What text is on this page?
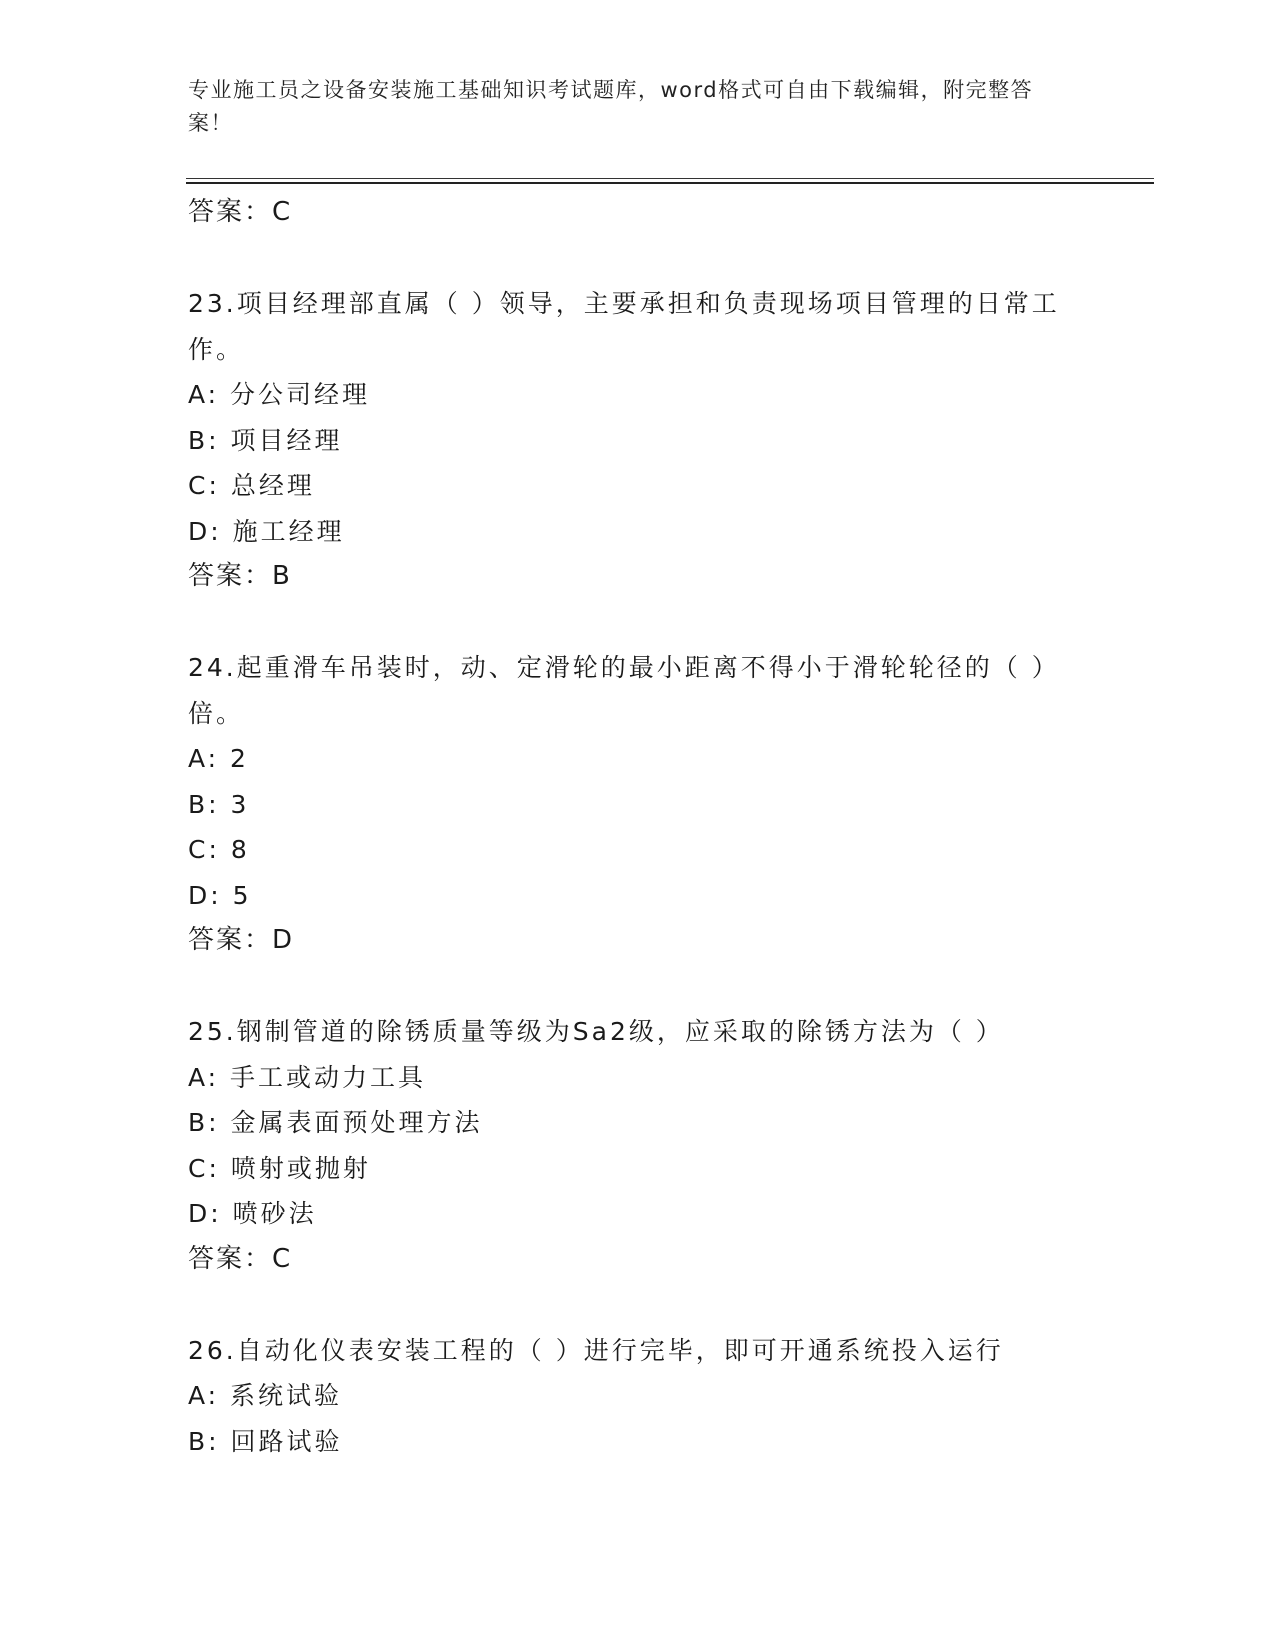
专业施工员之设备安装施工基础知识考试题库，word格式可自由下载编辑，附完整答案！
答案：C
23.项目经理部直属（ ）领导，主要承担和负责现场项目管理的日常工作。
A: 分公司经理
B: 项目经理
C: 总经理
D: 施工经理
答案：B
24.起重滑车吊装时，动、定滑轮的最小距离不得小于滑轮轮径的（ ）倍。
A: 2
B: 3
C: 8
D: 5
答案：D
25.钢制管道的除锈质量等级为Sa2级，应采取的除锈方法为（ ）
A: 手工或动力工具
B: 金属表面预处理方法
C: 喷射或抛射
D: 喷砂法
答案：C
26.自动化仪表安装工程的（ ）进行完毕，即可开通系统投入运行
A: 系统试验
B: 回路试验
